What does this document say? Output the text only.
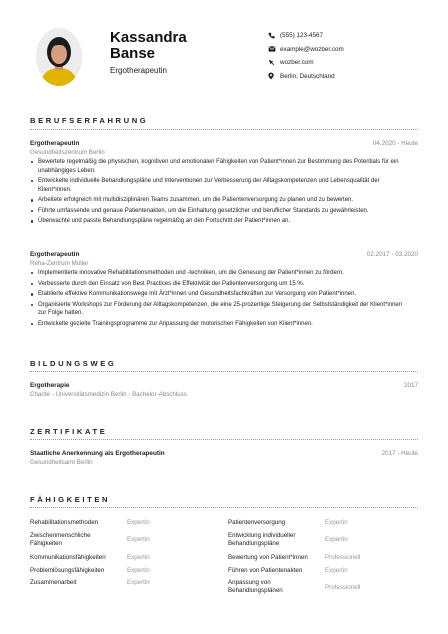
Kassandra
Banse
Ergotherapeutin
(555) 123-4567
example@wozber.com
wozber.com
Berlin, Deutschland
BERUFSERFAHRUNG
Ergotherapeutin	04.2020 - Heute
Gesundheitszentrum Berlin
Bewertete regelmäßig die physischen, kognitiven und emotionalen Fähigkeiten von Patient*innen zur Bestimmung des Potentials für ein unabhängiges Leben.
Entwickelte individuelle Behandlungspläne und Interventionen zur Verbesserung der Alltagskompetenzen und Lebensqualität der Klient*innen.
Arbeitete erfolgreich mit multidisziplinären Teams zusammen, um die Patientenversorgung zu planen und zu bewerten.
Führte umfassende und genaue Patientenakten, um die Einhaltung gesetzlicher und beruflicher Standards zu gewährleisten.
Überwachte und passte Behandlungspläne regelmäßig an den Fortschritt der Patient*innen an.
Ergotherapeutin	02.2017 - 03.2020
Reha-Zentrum Müller
Implementierte innovative Rehabilitationsmethoden und -techniken, um die Genesung der Patient*innen zu fördern.
Verbesserte durch den Einsatz von Best Practices die Effektivität der Patientenversorgung um 15 %.
Etablierte effektive Kommunikationswege mit Ärzt*innen und Gesundheitsfachkräften zur Versorgung von Patient*innen.
Organisierte Workshops zur Förderung der Alltagskompetenzen, die eine 25-prozentige Steigerung der Selbstständigkeit der Klient*innen zur Folge hatten.
Entwickelte gezielte Trainingsprogramme zur Anpassung der motorischen Fähigkeiten von Klient*innen.
BILDUNGSWEG
Ergotherapie	2017
Charité - Universitätsmedizin Berlin - Bachelor-Abschluss
ZERTIFIKATE
Staatliche Anerkennung als Ergotherapeutin	2017 - Heute
Gesundheitsamt Berlin
FÄHIGKEITEN
Rehabilitationsmethoden	Expertin
Zwischenmenschliche Fähigkeiten
Expertin
Kommunikationsfähigkeiten	Expertin
Problemlösungsfähigkeiten	Expertin
Zusammenarbeit	Expertin
Patientenversorgung	Expertin
Entwicklung individueller Behandlungspläne
Expertin
Bewertung von Patient*innen	Professionell
Führen von Patientenakten	Expertin
Anpassung von Behandlungsplänen	Professionell
